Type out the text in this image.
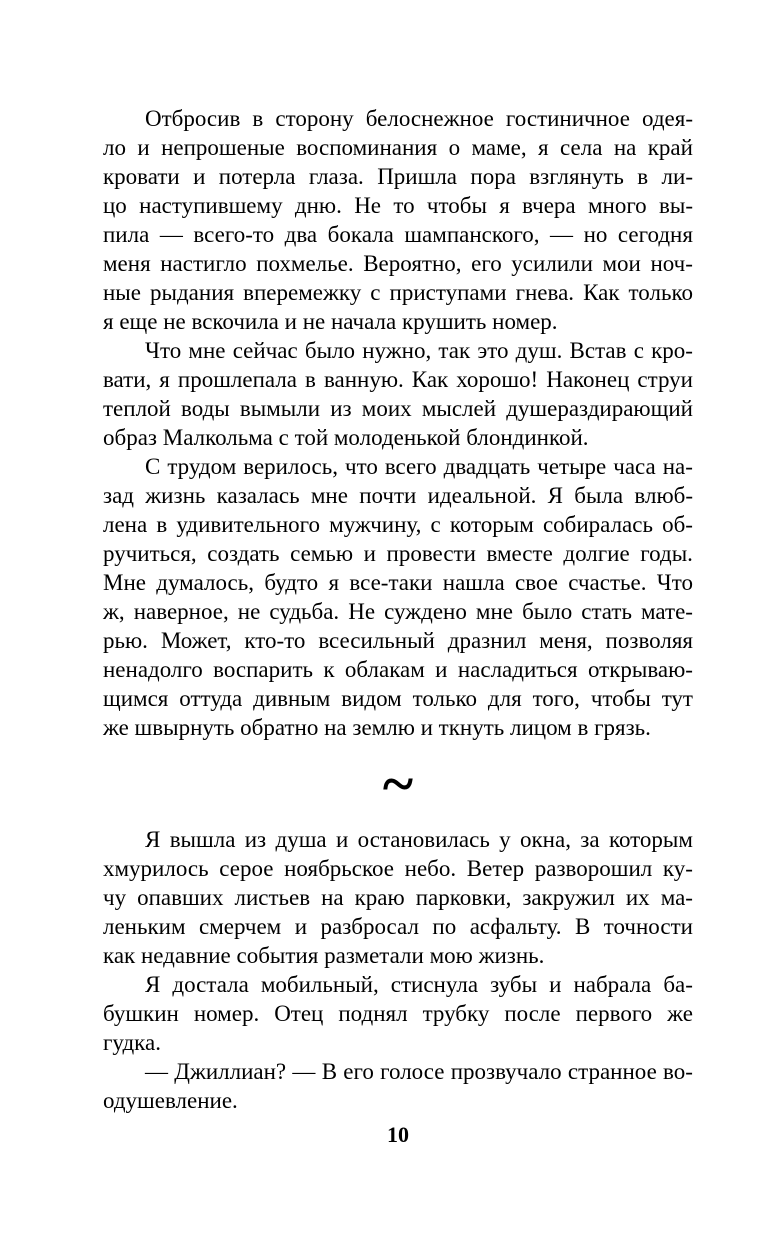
Отбросив в сторону белоснежное гостиничное одея-
ло и непрошеные воспоминания о маме, я села на край
кровати и потерла глаза. Пришла пора взглянуть в ли-
цо наступившему дню. Не то чтобы я вчера много вы-
пила — всего-то два бокала шампанского, — но сегодня
меня настигло похмелье. Вероятно, его усилили мои ноч-
ные рыдания вперемежку с приступами гнева. Как только
я еще не вскочила и не начала крушить номер.
Что мне сейчас было нужно, так это душ. Встав с кро-
вати, я прошлепала в ванную. Как хорошо! Наконец струи
теплой воды вымыли из моих мыслей душераздирающий
образ Малкольма с той молоденькой блондинкой.
С трудом верилось, что всего двадцать четыре часа на-
зад жизнь казалась мне почти идеальной. Я была влюб-
лена в удивительного мужчину, с которым собиралась об-
ручиться, создать семью и провести вместе долгие годы.
Мне думалось, будто я все-таки нашла свое счастье. Что
ж, наверное, не судьба. Не суждено мне было стать мате-
рью. Может, кто-то всесильный дразнил меня, позволяя
ненадолго воспарить к облакам и насладиться открываю-
щимся оттуда дивным видом только для того, чтобы тут
же швырнуть обратно на землю и ткнуть лицом в грязь.
~
Я вышла из душа и остановилась у окна, за которым
хмурилось серое ноябрьское небо. Ветер разворошил ку-
чу опавших листьев на краю парковки, закружил их ма-
леньким смерчем и разбросал по асфальту. В точности
как недавние события разметали мою жизнь.
Я достала мобильный, стиснула зубы и набрала ба-
бушкин номер. Отец поднял трубку после первого же
гудка.
— Джиллиан? — В его голосе прозвучало странное во-
одушевление.
10
